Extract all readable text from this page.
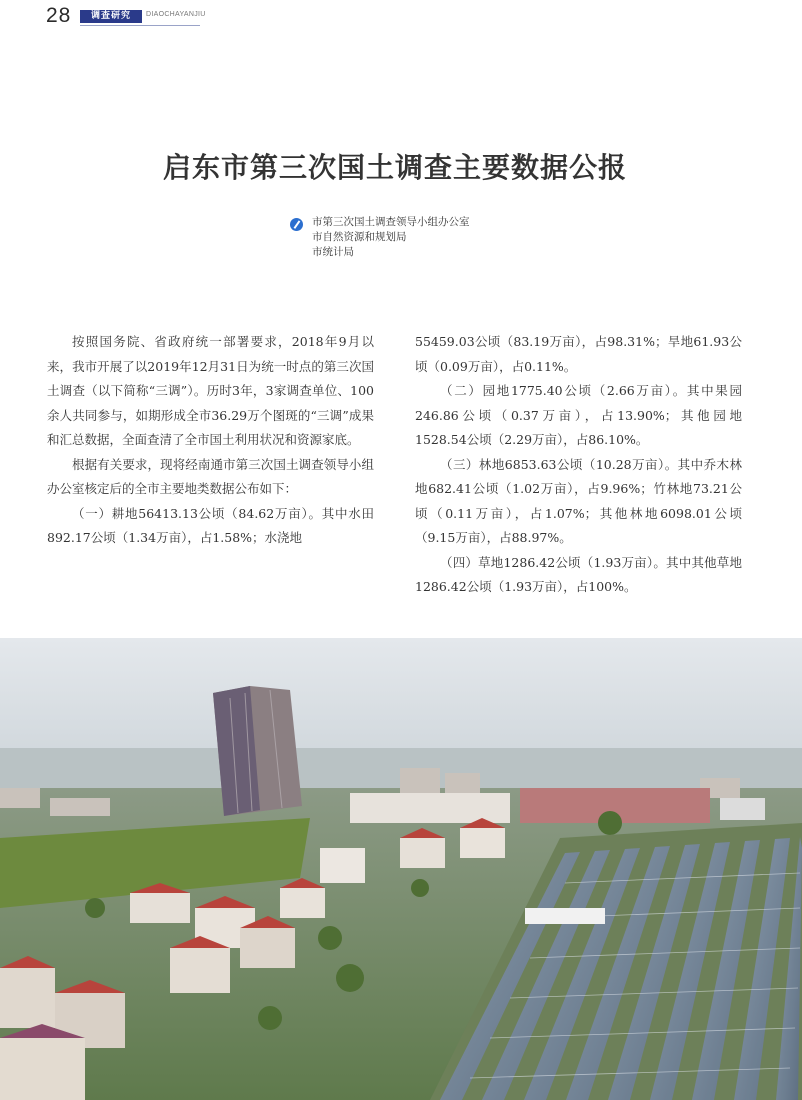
28	调查研究	DIAOCHAYANJIU
启东市第三次国土调查主要数据公报
市第三次国土调查领导小组办公室
市自然资源和规划局
市统计局

按照国务院、省政府统一部署要求，2018年9月以来，我市开展了以2019年12月31日为统一时点的第三次国土调查（以下简称“三调”）。历时3年，3家调查单位、100余人共同参与，如期形成全市36.29万个图斑的“三调”成果和汇总数据，全面查清了全市国土利用状况和资源家底。

根据有关要求，现将经南通市第三次国土调查领导小组办公室核定后的全市主要地类数据公布如下：

（一）耕地56413.13公顷（84.62万亩）。其中水田892.17公顷（1.34万亩），占1.58%；水浇地

55459.03公顷（83.19万亩），占98.31%；旱地61.93公顷（0.09万亩），占0.11%。

（二）园地1775.40公顷（2.66万亩）。其中果园246.86公顷（0.37万亩），占13.90%；其他园地1528.54公顷（2.29万亩），占86.10%。

（三）林地6853.63公顷（10.28万亩）。其中乔木林地682.41公顷（1.02万亩），占9.96%；竹林地73.21公顷（0.11万亩），占1.07%；其他林地6098.01公顷（9.15万亩），占88.97%。

（四）草地1286.42公顷（1.93万亩）。其中其他草地1286.42公顷（1.93万亩），占100%。
